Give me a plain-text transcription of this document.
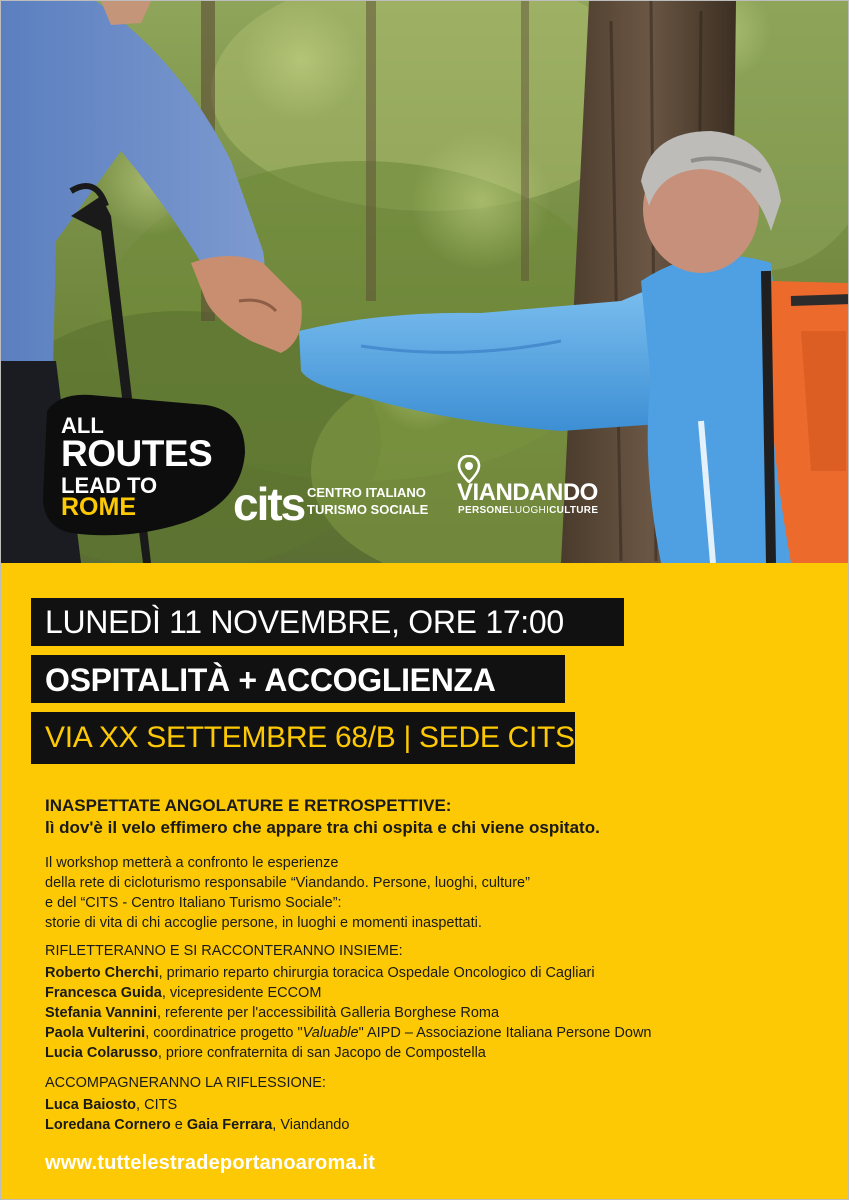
ALL
ROUTES
LEAD TO
ROME cits CENTRO ITALIANO
TURISMO SOCIALE
VIANDANDO
PERSONELUOGHICULTURE
LUNEDÌ 11 NOVEMBRE, ORE 17:00
OSPITALITÀ + ACCOGLIENZA
VIA XX SETTEMBRE 68/B | SEDE CITS
INASPETTATE ANGOLATURE E RETROSPETTIVE:
lì dov'è il velo effimero che appare tra chi ospita e chi viene ospitato.
Il workshop metterà a confronto le esperienze
della rete di cicloturismo responsabile “Viandando. Persone, luoghi, culture”
e del “CITS - Centro Italiano Turismo Sociale”:
storie di vita di chi accoglie persone, in luoghi e momenti inaspettati.
RIFLETTERANNO E SI RACCONTERANNO INSIEME:
Roberto Cherchi, primario reparto chirurgia toracica Ospedale Oncologico di Cagliari
Francesca Guida, vicepresidente ECCOM
Stefania Vannini, referente per l'accessibilità Galleria Borghese Roma
Paola Vulterini, coordinatrice progetto "Valuable" AIPD – Associazione Italiana Persone Down
Lucia Colarusso, priore confraternita di san Jacopo de Compostella
ACCOMPAGNERANNO LA RIFLESSIONE:
Luca Baiosto, CITS
Loredana Cornero e Gaia Ferrara, Viandando
www.tuttelestradeportanoaroma.it
